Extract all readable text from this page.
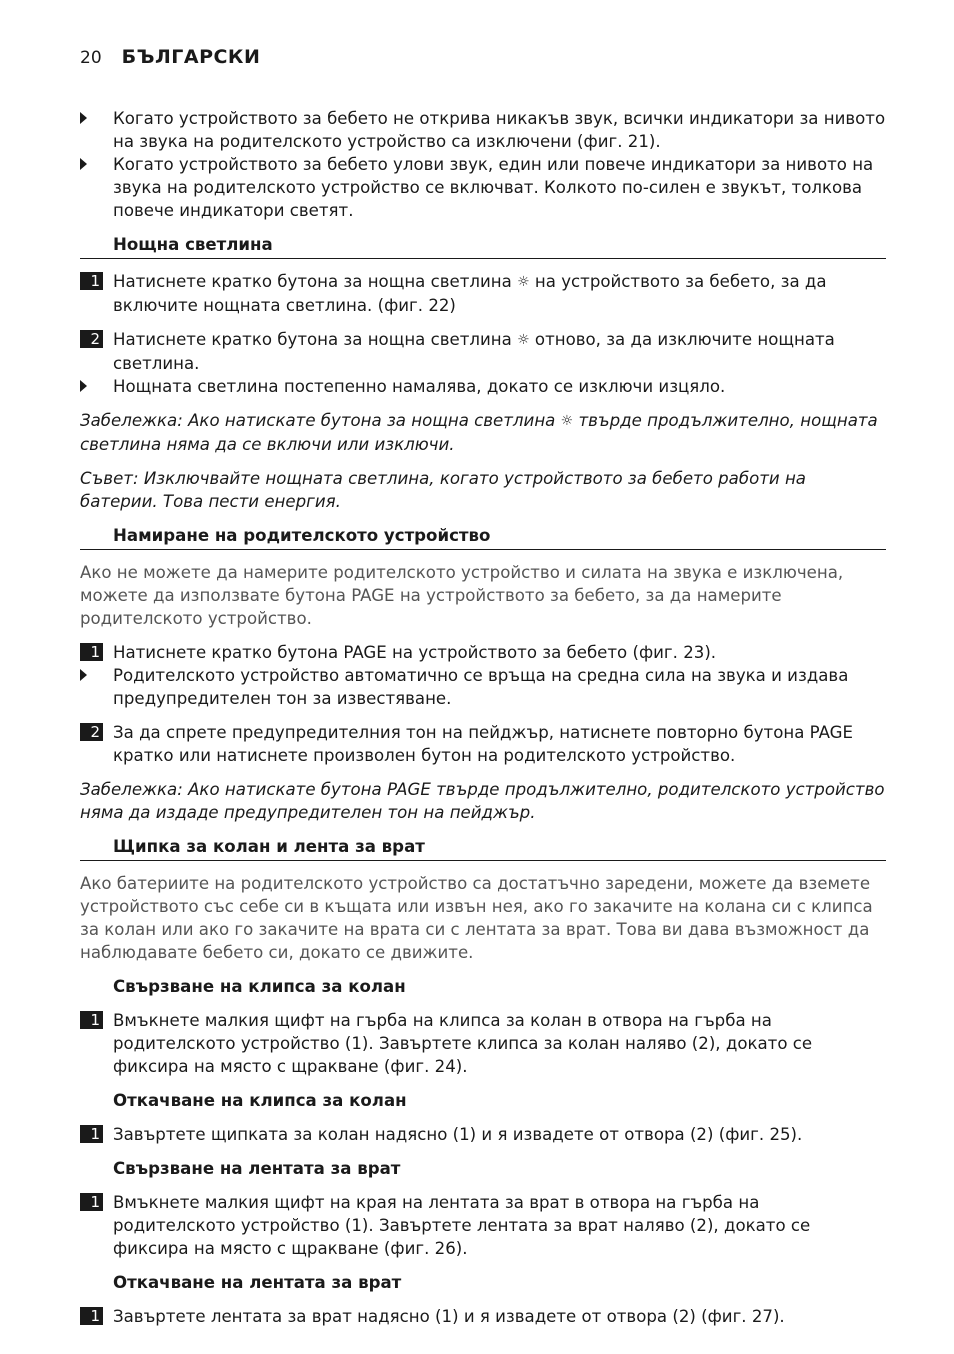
20 БЪЛГАРСКИ
Когато устройството за бебето не открива никакъв звук, всички индикатори за нивото на звука на родителското устройство са изключени (фиг. 21).
Когато устройството за бебето улови звук, един или повече индикатори за нивото на звука на родителското устройство се включват. Колкото по-силен е звукът, толкова повече индикатори светят.
Нощна светлина
1 Натиснете кратко бутона за нощна светлина ☼ на устройството за бебето, за да включите нощната светлина. (фиг. 22)
2 Натиснете кратко бутона за нощна светлина ☼ отново, за да изключите нощната светлина.
Нощната светлина постепенно намалява, докато се изключи изцяло.
Забележка: Ако натискате бутона за нощна светлина ☼ твърде продължително, нощната светлина няма да се включи или изключи.
Съвет: Изключвайте нощната светлина, когато устройството за бебето работи на батерии. Това пести енергия.
Намиране на родителското устройство
Ако не можете да намерите родителското устройство и силата на звука е изключена, можете да използвате бутона PAGE на устройството за бебето, за да намерите родителското устройство.
1 Натиснете кратко бутона PAGE на устройството за бебето (фиг. 23).
Родителското устройство автоматично се връща на средна сила на звука и издава предупредителен тон за известяване.
2 За да спрете предупредителния тон на пейджър, натиснете повторно бутона PAGE кратко или натиснете произволен бутон на родителското устройство.
Забележка: Ако натискате бутона PAGE твърде продължително, родителското устройство няма да издаде предупредителен тон на пейджър.
Щипка за колан и лента за врат
Ако батериите на родителското устройство са достатъчно заредени, можете да вземете устройството със себе си в къщата или извън нея, ако го закачите на колана си с клипса за колан или ако го закачите на врата си с лентата за врат. Това ви дава възможност да наблюдавате бебето си, докато се движите.
Свързване на клипса за колан
1 Вмъкнете малкия щифт на гърба на клипса за колан в отвора на гърба на родителското устройство (1). Завъртете клипса за колан наляво (2), докато се фиксира на място с щракване (фиг. 24).
Откачване на клипса за колан
1 Завъртете щипката за колан надясно (1) и я извадете от отвора (2) (фиг. 25).
Свързване на лентата за врат
1 Вмъкнете малкия щифт на края на лентата за врат в отвора на гърба на родителското устройство (1). Завъртете лентата за врат наляво (2), докато се фиксира на място с щракване (фиг. 26).
Откачване на лентата за врат
1 Завъртете лентата за врат надясно (1) и я извадете от отвора (2) (фиг. 27).
